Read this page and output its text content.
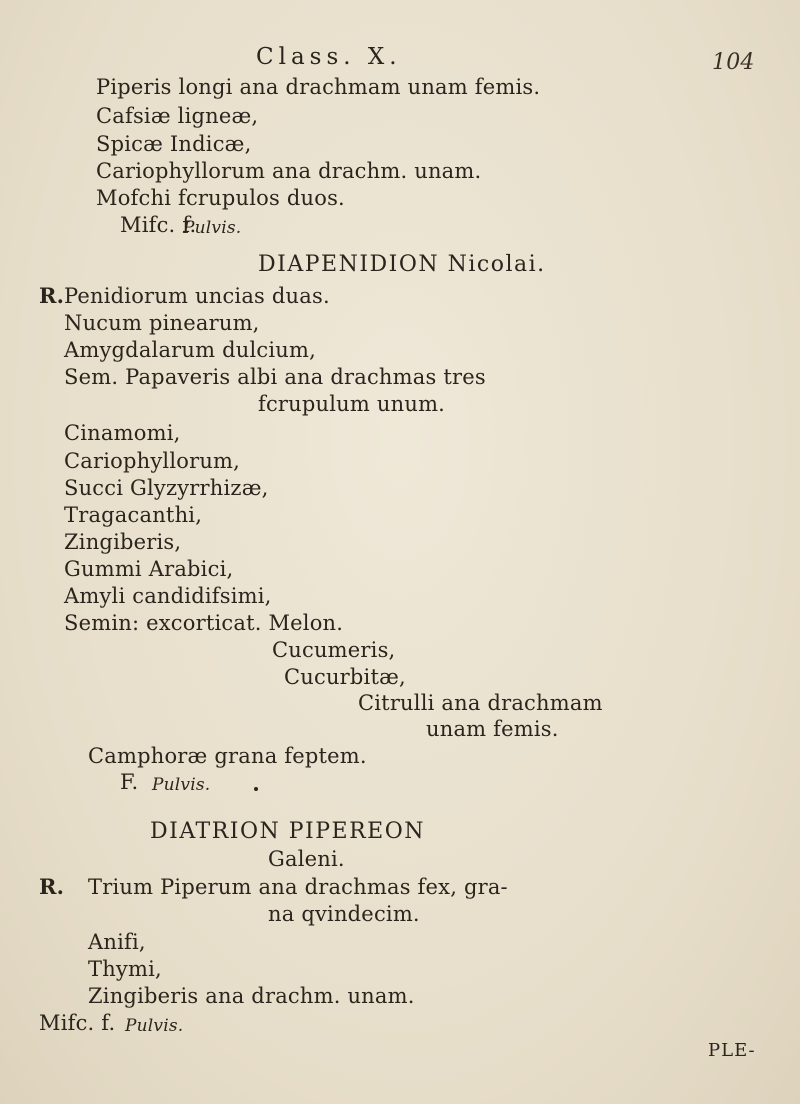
Class. X.	104
Piperis longi ana drachmam unam femis.
Cafsiæ ligneæ,
Spicæ Indicæ,
Cariophyllorum ana drachm. unam.
Mofchi fcrupulos duos.
Mifc. f.
Pulvis.
DIAPENIDION Nicolai.
R. Penidiorum uncias duas.
Nucum pinearum,
Amygdalarum dulcium,
Sem. Papaveris albi ana drachmas tres
fcrupulum unum.
Cinamomi,
Cariophyllorum,
Succi Glyzyrrhizæ,
Tragacanthi,
Zingiberis,
Gummi Arabici,
Amyli candidifsimi,
Semin: excorticat. Melon.
Cucumeris,
Cucurbitæ,
Citrulli ana drachmam
unam femis.
Camphoræ grana feptem.
F. Pulvis.
DIATRION PIPEREON
Galeni.
R. Trium Piperum ana drachmas fex, gra-
na qvindecim.
Anifi,
Thymi,
Zingiberis ana drachm. unam.
Mifc. f. Pulvis.
PLE-
